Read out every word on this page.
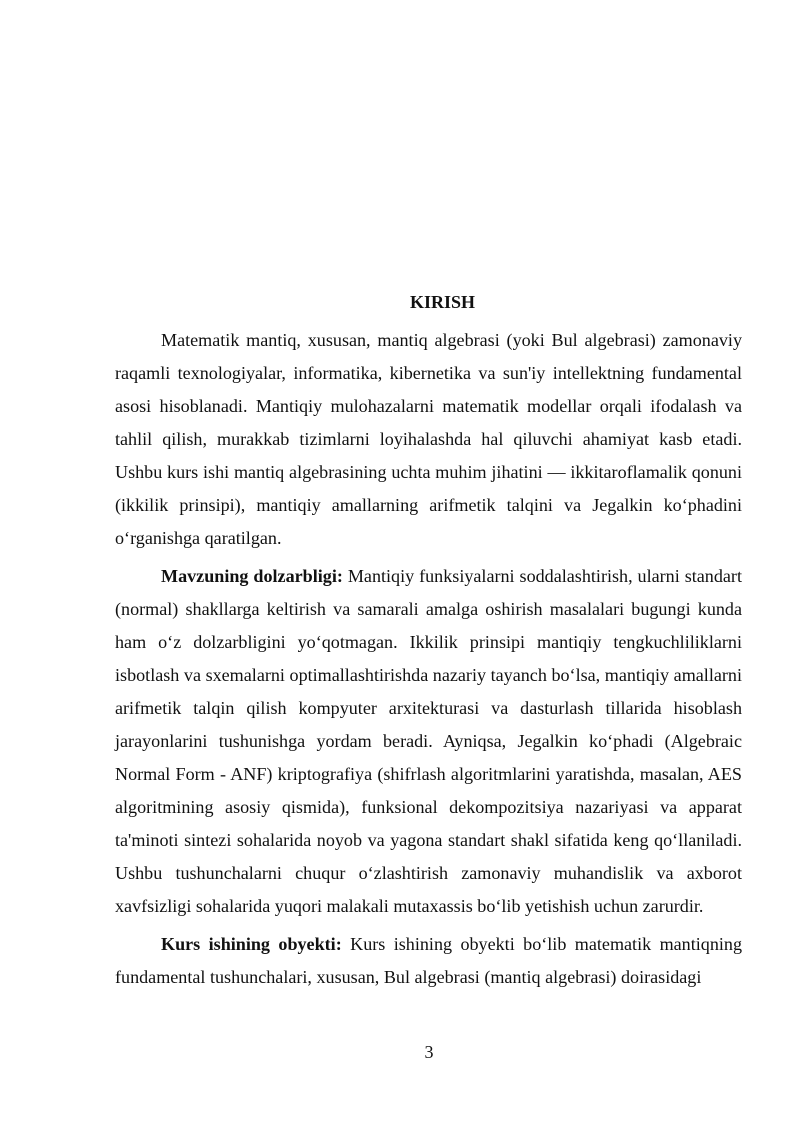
KIRISH

Matematik mantiq, xususan, mantiq algebrasi (yoki Bul algebrasi) zamonaviy raqamli texnologiyalar, informatika, kibernetika va sun'iy intellektning fundamental asosi hisoblanadi. Mantiqiy mulohazalarni matematik modellar orqali ifodalash va tahlil qilish, murakkab tizimlarni loyihalashda hal qiluvchi ahamiyat kasb etadi. Ushbu kurs ishi mantiq algebrasining uchta muhim jihatini — ikkitaroflamalik qonuni (ikkilik prinsipi), mantiqiy amallarning arifmetik talqini va Jegalkin ko‘phadini o‘rganishga qaratilgan.

Mavzuning dolzarbligi: Mantiqiy funksiyalarni soddalashtirish, ularni standart (normal) shakllarga keltirish va samarali amalga oshirish masalalari bugungi kunda ham o‘z dolzarbligini yo‘qotmagan. Ikkilik prinsipi mantiqiy tengkuchliliklarni isbotlash va sxemalarni optimallashtirishda nazariy tayanch bo‘lsa, mantiqiy amallarni arifmetik talqin qilish kompyuter arxitekturasi va dasturlash tillarida hisoblash jarayonlarini tushunishga yordam beradi. Ayniqsa, Jegalkin ko‘phadi (Algebraic Normal Form - ANF) kriptografiya (shifrlash algoritmlarini yaratishda, masalan, AES algoritmining asosiy qismida), funksional dekompozitsiya nazariyasi va apparat ta'minoti sintezi sohalarida noyob va yagona standart shakl sifatida keng qo‘llaniladi. Ushbu tushunchalarni chuqur o‘zlashtirish zamonaviy muhandislik va axborot xavfsizligi sohalarida yuqori malakali mutaxassis bo‘lib yetishish uchun zarurdir.

Kurs ishining obyekti: Kurs ishining obyekti bo‘lib matematik mantiqning fundamental tushunchalari, xususan, Bul algebrasi (mantiq algebrasi) doirasidagi

3
